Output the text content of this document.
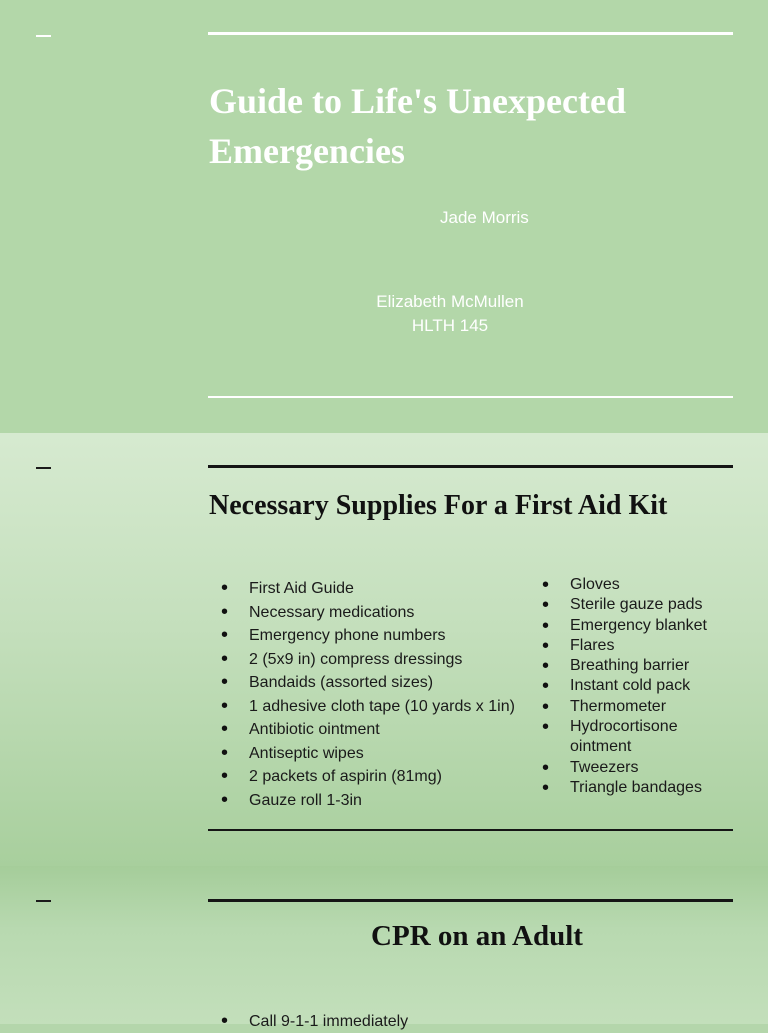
Guide to Life's Unexpected Emergencies
Jade Morris
Elizabeth McMullen
HLTH 145
Necessary Supplies For a First Aid Kit
• First Aid Guide
• Necessary medications
• Emergency phone numbers
• 2 (5x9 in) compress dressings
• Bandaids (assorted sizes)
• 1 adhesive cloth tape (10 yards x 1in)
• Antibiotic ointment
• Antiseptic wipes
• 2 packets of aspirin (81mg)
• Gauze roll 1-3in
• Gloves
• Sterile gauze pads
• Emergency blanket
• Flares
• Breathing barrier
• Instant cold pack
• Thermometer
• Hydrocortisone ointment
• Tweezers
• Triangle bandages
CPR on an Adult
• Call 9-1-1 immediately
